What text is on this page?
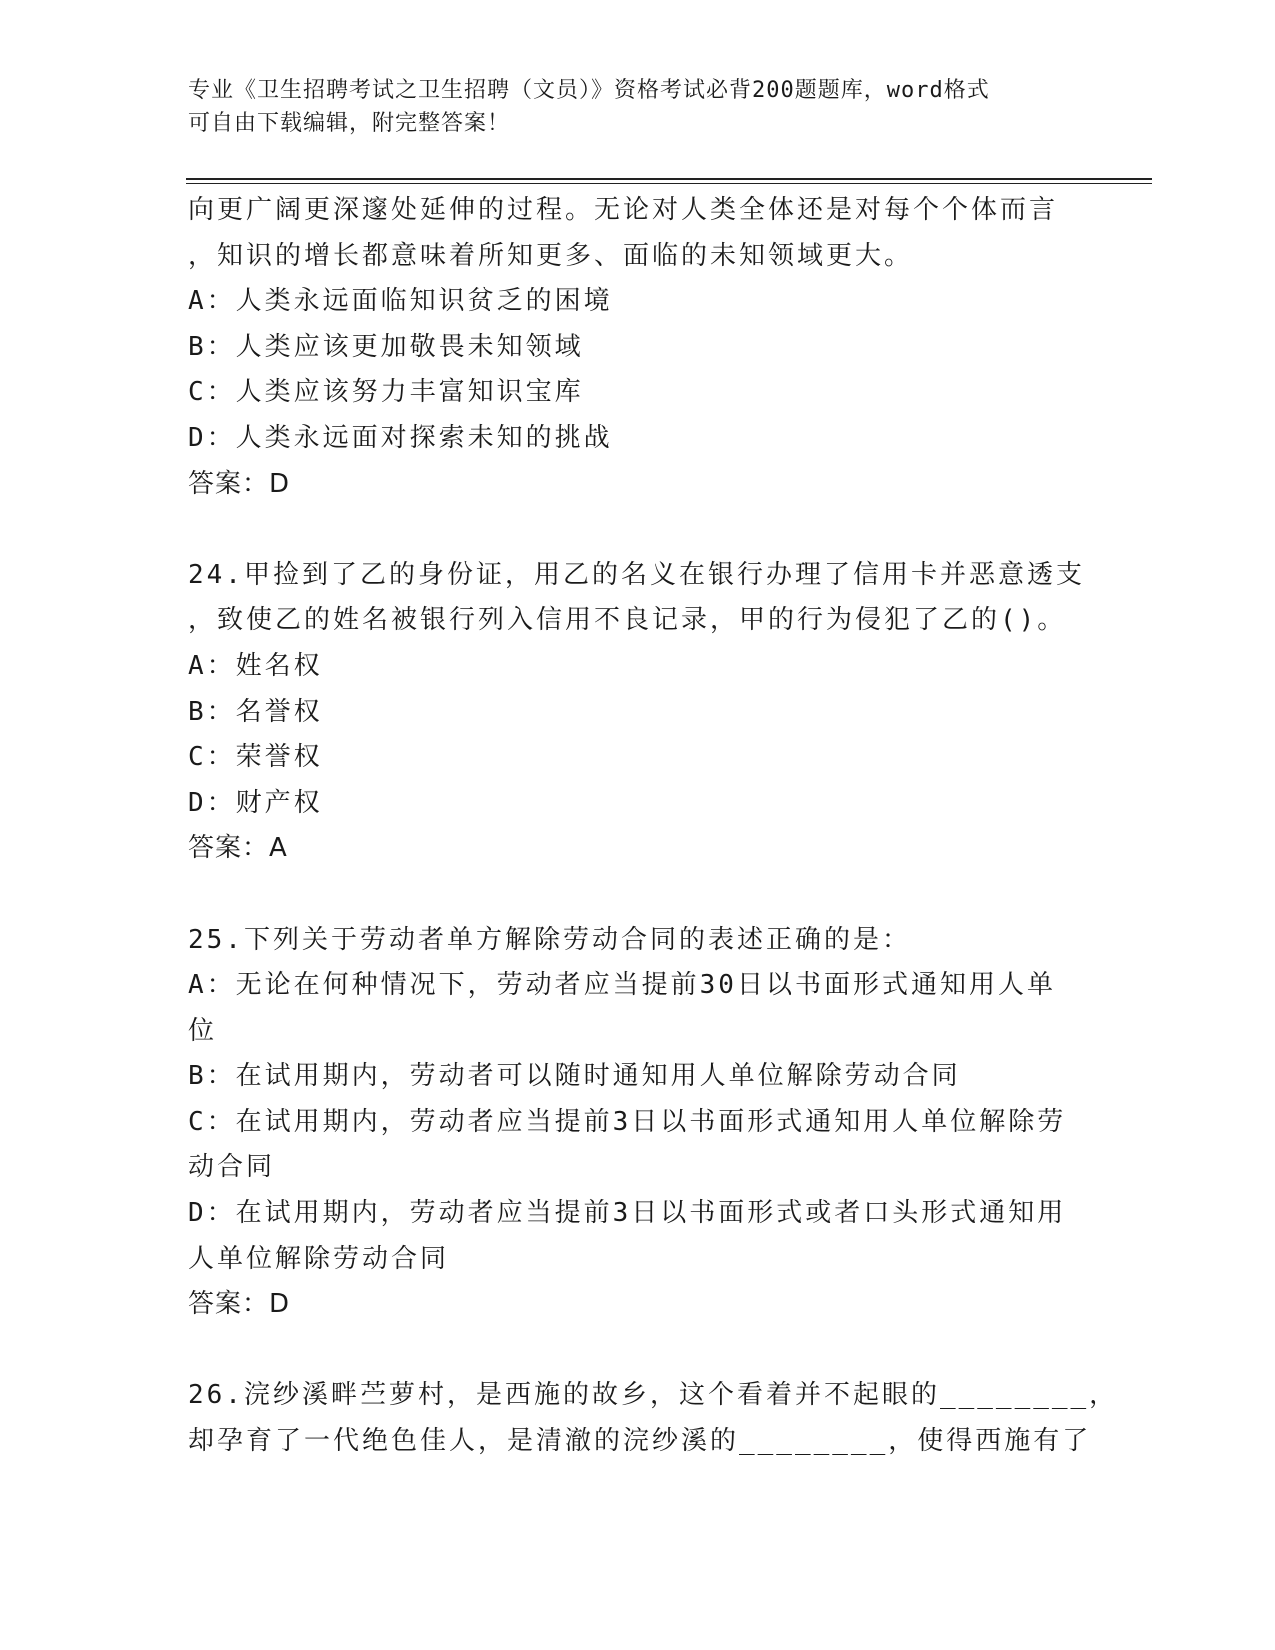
专业《卫生招聘考试之卫生招聘（文员）》资格考试必背200题题库，word格式
可自由下载编辑，附完整答案！
向更广阔更深邃处延伸的过程。无论对人类全体还是对每个个体而言
，知识的增长都意味着所知更多、面临的未知领域更大。
A：人类永远面临知识贫乏的困境
B：人类应该更加敬畏未知领域
C：人类应该努力丰富知识宝库
D：人类永远面对探索未知的挑战
答案：D
24.甲捡到了乙的身份证，用乙的名义在银行办理了信用卡并恶意透支
，致使乙的姓名被银行列入信用不良记录，甲的行为侵犯了乙的()。
A：姓名权
B：名誉权
C：荣誉权
D：财产权
答案：A
25.下列关于劳动者单方解除劳动合同的表述正确的是：
A：无论在何种情况下，劳动者应当提前30日以书面形式通知用人单
位
B：在试用期内，劳动者可以随时通知用人单位解除劳动合同
C：在试用期内，劳动者应当提前3日以书面形式通知用人单位解除劳
动合同
D：在试用期内，劳动者应当提前3日以书面形式或者口头形式通知用
人单位解除劳动合同
答案：D
26.浣纱溪畔苎萝村，是西施的故乡，这个看着并不起眼的________，
却孕育了一代绝色佳人，是清澈的浣纱溪的________，使得西施有了
